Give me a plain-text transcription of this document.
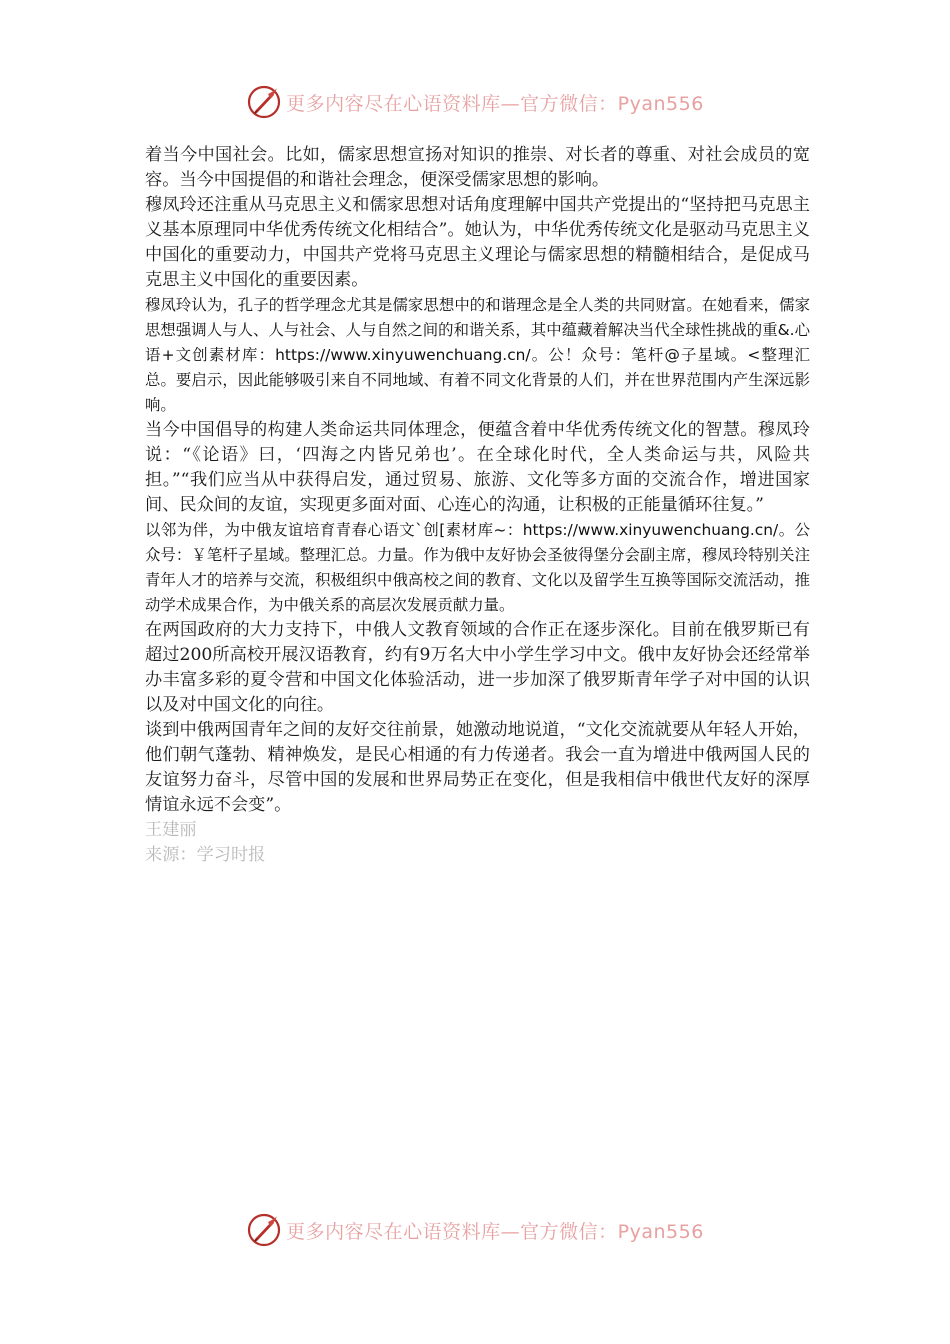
更多内容尽在心语资料库—官方微信：Pyan556

着当今中国社会。比如，儒家思想宣扬对知识的推崇、对长者的尊重、对社会成员的宽容。当今中国提倡的和谐社会理念，便深受儒家思想的影响。

穆凤玲还注重从马克思主义和儒家思想对话角度理解中国共产党提出的“坚持把马克思主义基本原理同中华优秀传统文化相结合”。她认为，中华优秀传统文化是驱动马克思主义中国化的重要动力，中国共产党将马克思主义理论与儒家思想的精髓相结合，是促成马克思主义中国化的重要因素。

穆凤玲认为，孔子的哲学理念尤其是儒家思想中的和谐理念是全人类的共同财富。在她看来，儒家思想强调人与人、人与社会、人与自然之间的和谐关系，其中蕴藏着解决当代全球性挑战的重&.心语+文创素材库：https://www.xinyuwenchuang.cn/。公！众号：笔杆@子星域。<整理汇总。要启示，因此能够吸引来自不同地域、有着不同文化背景的人们，并在世界范围内产生深远影响。

当今中国倡导的构建人类命运共同体理念，便蕴含着中华优秀传统文化的智慧。穆凤玲说：“《论语》曰，‘四海之内皆兄弟也’。在全球化时代，全人类命运与共，风险共担。”“我们应当从中获得启发，通过贸易、旅游、文化等多方面的交流合作，增进国家间、民众间的友谊，实现更多面对面、心连心的沟通，让积极的正能量循环往复。”

以邻为伴，为中俄友谊培育青春心语文`创[素材库~：https://www.xinyuwenchuang.cn/。公众号：￥笔杆子星域。整理汇总。力量。作为俄中友好协会圣彼得堡分会副主席，穆凤玲特别关注青年人才的培养与交流，积极组织中俄高校之间的教育、文化以及留学生互换等国际交流活动，推动学术成果合作，为中俄关系的高层次发展贡献力量。

在两国政府的大力支持下，中俄人文教育领域的合作正在逐步深化。目前在俄罗斯已有超过200所高校开展汉语教育，约有9万名大中小学生学习中文。俄中友好协会还经常举办丰富多彩的夏令营和中国文化体验活动，进一步加深了俄罗斯青年学子对中国的认识以及对中国文化的向往。

谈到中俄两国青年之间的友好交往前景，她激动地说道，“文化交流就要从年轻人开始，他们朝气蓬勃、精神焕发，是民心相通的有力传递者。我会一直为增进中俄两国人民的友谊努力奋斗，尽管中国的发展和世界局势正在变化，但是我相信中俄世代友好的深厚情谊永远不会变”。

王建丽

来源：学习时报

更多内容尽在心语资料库—官方微信：Pyan556
